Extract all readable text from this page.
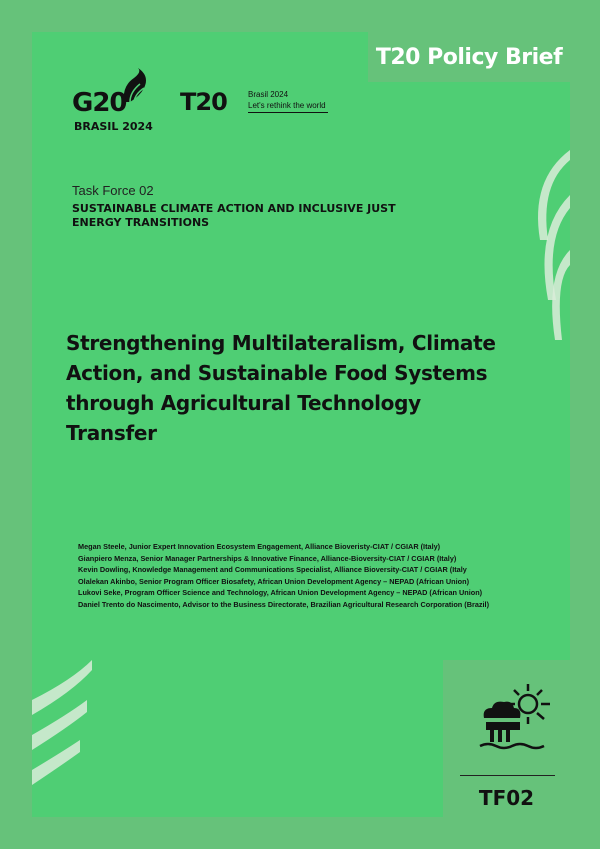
T20 Policy Brief
G20
BRASIL 2024
T20	Brasil 2024
Let's rethink the world
Task Force 02
SUSTAINABLE CLIMATE ACTION AND INCLUSIVE JUST ENERGY TRANSITIONS
Strengthening Multilateralism, Climate Action, and Sustainable Food Systems through Agricultural Technology Transfer
Megan Steele, Junior Expert Innovation Ecosystem Engagement, Alliance Bioveristy-CIAT / CGIAR (Italy)
Gianpiero Menza, Senior Manager Partnerships & Innovative Finance, Alliance-Bioversity-CIAT / CGIAR (Italy)
Kevin Dowling, Knowledge Management and Communications Specialist, Alliance Bioversity-CIAT / CGIAR (Italy
Olalekan Akinbo, Senior Program Officer Biosafety, African Union Development Agency – NEPAD (African Union)
Lukovi Seke, Program Officer Science and Technology, African Union Development Agency – NEPAD (African Union)
Daniel Trento do Nascimento, Advisor to the Business Directorate, Brazilian Agricultural Research Corporation (Brazil)
TF02
